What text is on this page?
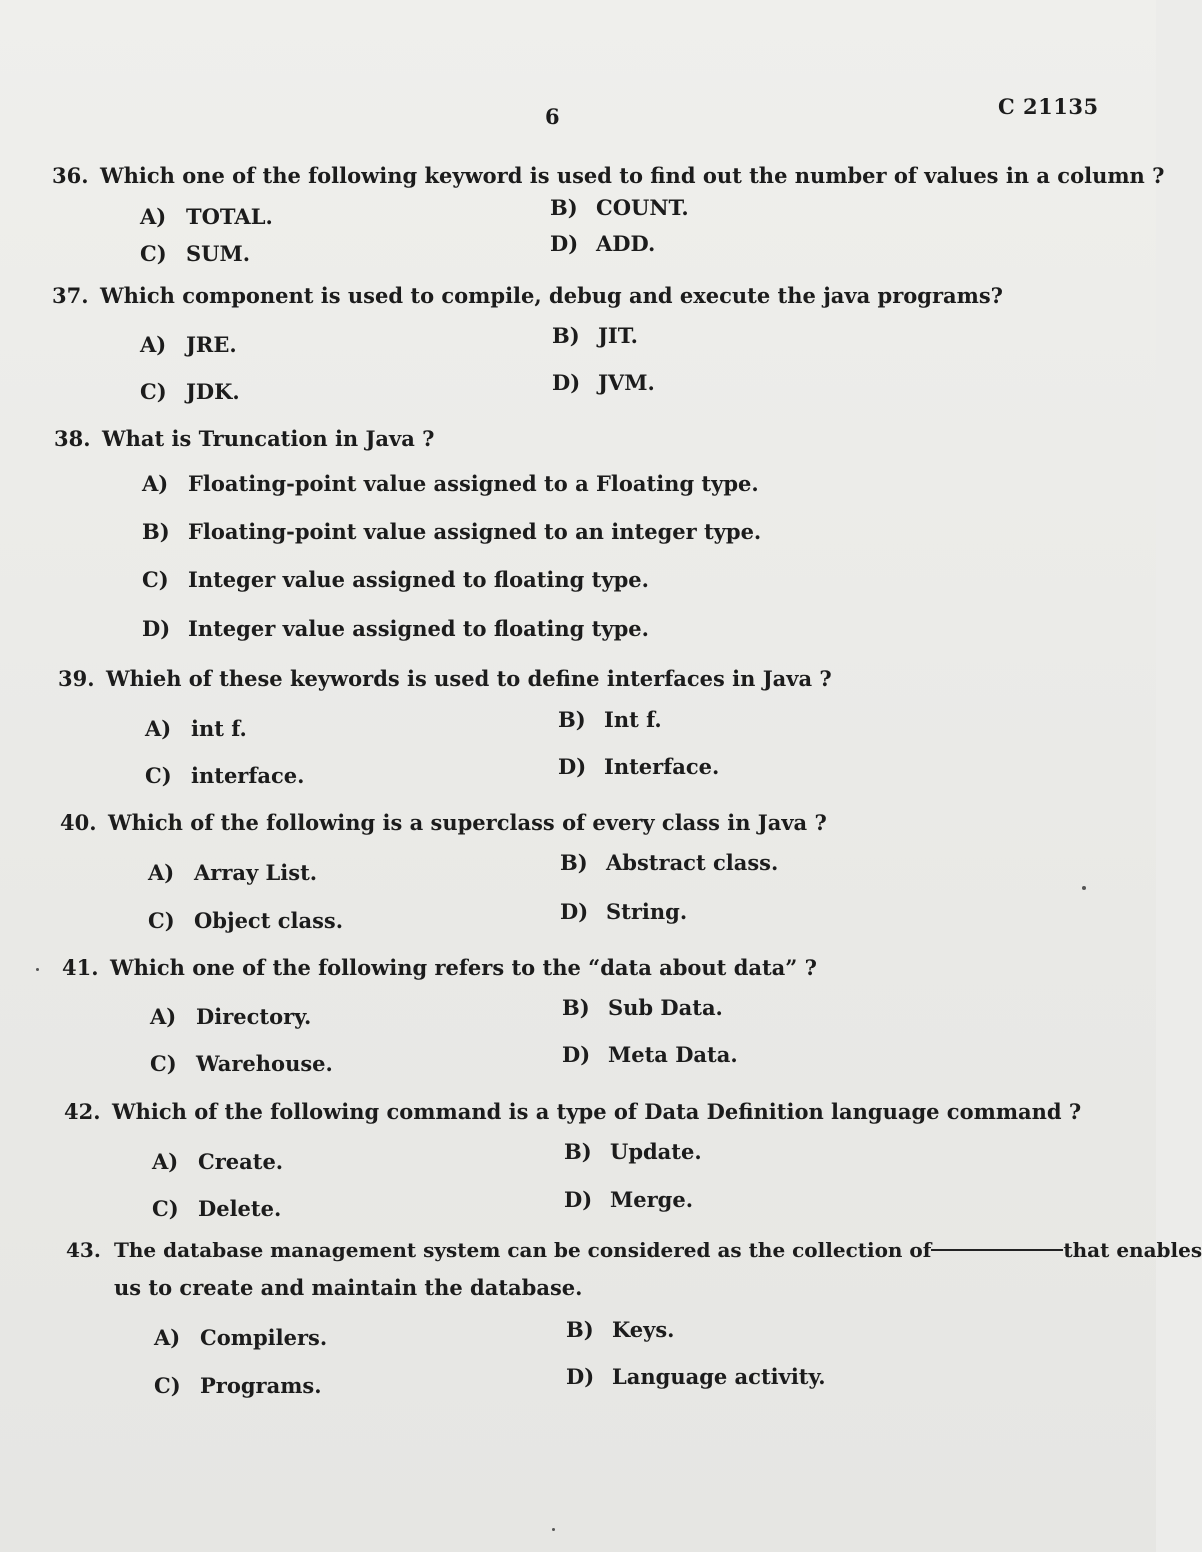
6	C 21135
36. Which one of the following keyword is used to find out the number of values in a column ?
A) TOTAL.	B) COUNT.
C) SUM.	D) ADD.
37. Which component is used to compile, debug and execute the java programs?
A) JRE.	B) JIT.
C) JDK.	D) JVM.
38. What is Truncation in Java ?
A) Floating-point value assigned to a Floating type.
B) Floating-point value assigned to an integer type.
C) Integer value assigned to floating type.
D) Integer value assigned to floating type.
39. Whieh of these keywords is used to define interfaces in Java ?
A) int f.	B) Int f.
C) interface.	D) Interface.
40. Which of the following is a superclass of every class in Java ?
A) Array List.	B) Abstract class.
C) Object class.	D) String.
41. Which one of the following refers to the “data about data” ?
A) Directory.	B) Sub Data.
C) Warehouse.	D) Meta Data.
42. Which of the following command is a type of Data Definition language command ?
A) Create.	B) Update.
C) Delete.	D) Merge.
43. The database management system can be considered as the collection of	that enables
us to create and maintain the database.
A) Compilers.	B) Keys.
C) Programs.	D) Language activity.
